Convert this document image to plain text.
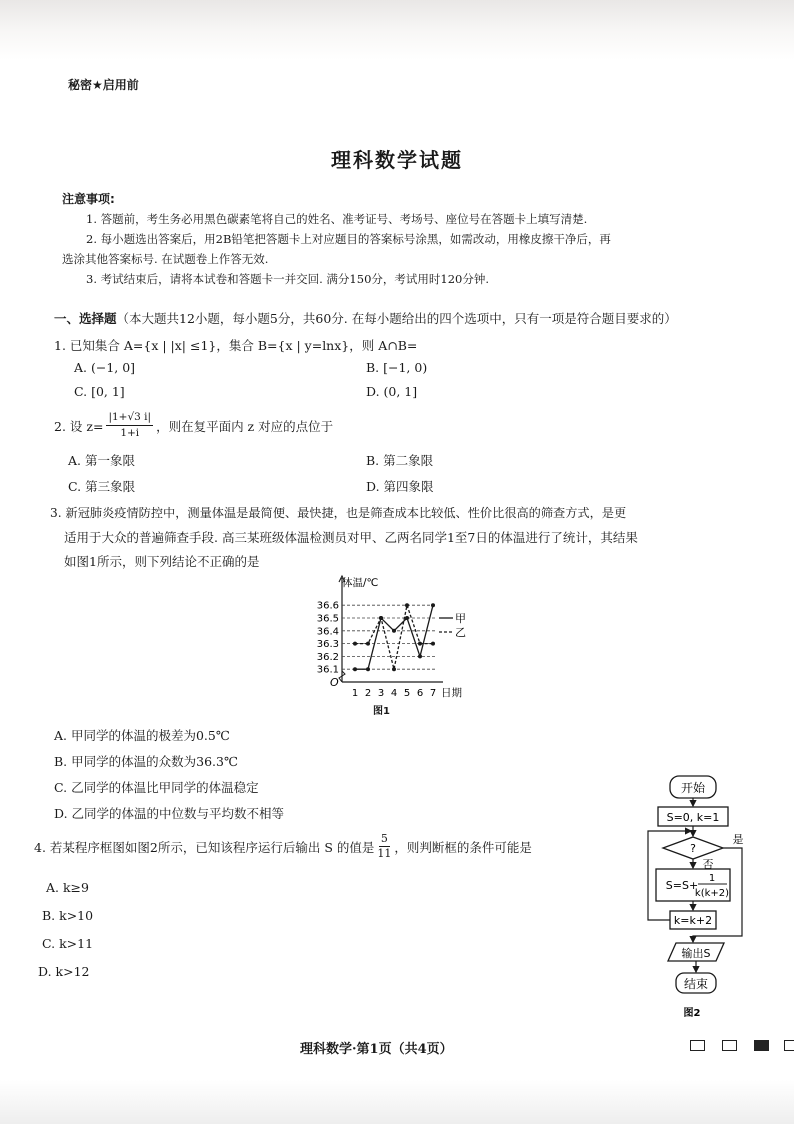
秘密★启用前
理科数学试题
注意事项:
1. 答题前，考生务必用黑色碳素笔将自己的姓名、准考证号、考场号、座位号在答题卡上填写清楚.
2. 每小题选出答案后，用2B铅笔把答题卡上对应题目的答案标号涂黑，如需改动，用橡皮擦干净后，再
选涂其他答案标号. 在试题卷上作答无效.
3. 考试结束后，请将本试卷和答题卡一并交回. 满分150分，考试用时120分钟.
一、选择题（本大题共12小题，每小题5分，共60分. 在每小题给出的四个选项中，只有一项是符合题目要求的）
1. 已知集合 A={x | |x| ≤1}，集合 B={x | y=lnx}，则 A∩B=
A. (−1, 0]	B. [−1, 0)
C. [0, 1]	D. (0, 1]
2. 设 $z= \frac{|1+√3 i|}{1+i}$ ，则在复平面内 z 对应的点位于
A. 第一象限	B. 第二象限
C. 第三象限	D. 第四象限
3. 新冠肺炎疫情防控中，测量体温是最简便、最快捷，也是筛查成本比较低、性价比很高的筛查方式，是更
适用于大众的普遍筛查手段. 高三某班级体温检测员对甲、乙两名同学1至7日的体温进行了统计，其结果
如图1所示，则下列结论不正确的是
体温/℃
O
36.1
36.2
36.3
36.4
36.5
36.6
1 2 3 4 5 6 7 日期
甲
乙
图1
A. 甲同学的体温的极差为0.5℃
B. 甲同学的体温的众数为36.3℃
C. 乙同学的体温比甲同学的体温稳定
D. 乙同学的体温的中位数与平均数不相等
4. 若某程序框图如图2所示，已知该程序运行后输出 S 的值是 $\frac{5}{11}$ ，则判断框的条件可能是
A. k≥9
B. k>10
C. k>11
D. k>12
开始
S=0, k=1
?
是
否
S=S+
1
k(k+2)
k=k+2
输出S
结束
图2
理科数学·第1页（共4页）
